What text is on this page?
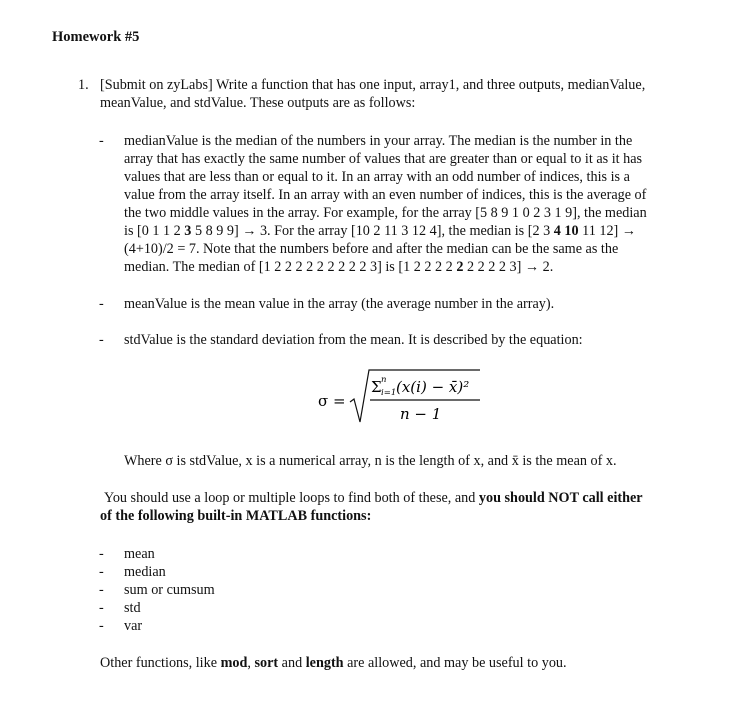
Homework #5
1. [Submit on zyLabs] Write a function that has one input, array1, and three outputs, medianValue,
meanValue, and stdValue. These outputs are as follows:
- medianValue is the median of the numbers in your array. The median is the number in the
array that has exactly the same number of values that are greater than or equal to it as it has
values that are less than or equal to it. In an array with an odd number of indices, this is a
value from the array itself. In an array with an even number of indices, this is the average of
the two middle values in the array. For example, for the array [5 8 9 1 0 2 3 1 9], the median
is [0 1 1 2 3 5 8 9 9] → 3. For the array [10 2 11 3 12 4], the median is [2 3 4 10 11 12] →
(4+10)/2 = 7. Note that the numbers before and after the median can be the same as the
median. The median of [1 2 2 2 2 2 2 2 2 2 3] is [1 2 2 2 2 2 2 2 2 2 3] → 2.
- meanValue is the mean value in the array (the average number in the array).
- stdValue is the standard deviation from the mean. It is described by the equation:
σ =
Σ n
i=1 (x(i) − x̄)²
n − 1
Where σ is stdValue, x is a numerical array, n is the length of x, and x̄ is the mean of x.
You should use a loop or multiple loops to find both of these, and you should NOT call either
of the following built-in MATLAB functions:
- mean
- median
- sum or cumsum
- std
- var
Other functions, like mod, sort and length are allowed, and may be useful to you.
